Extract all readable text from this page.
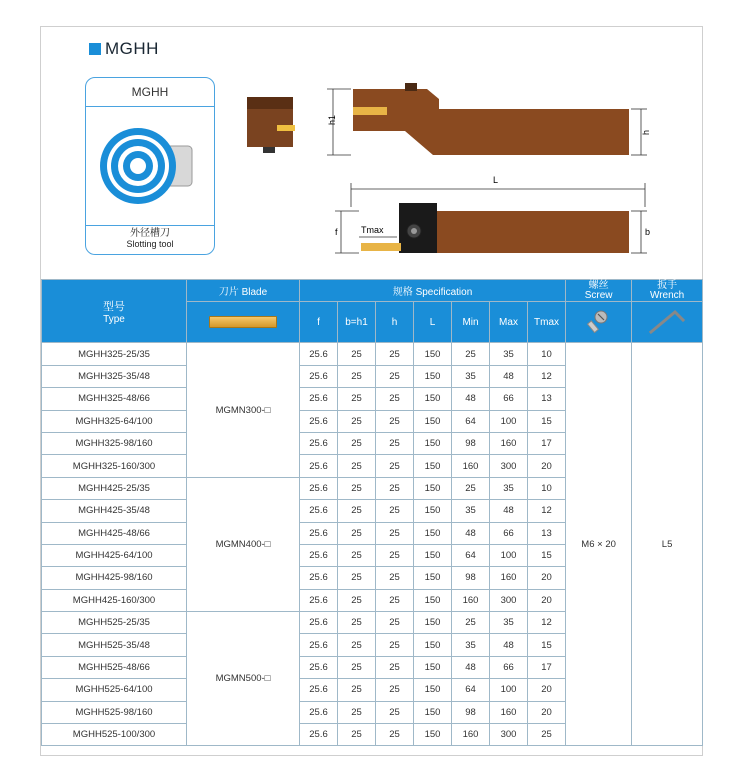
MGHH
MGHH
外径槽刀
Slotting tool
h1
h
L
f	Tmax	b
型号
Type	刀片 Blade	规格 Specification							螺丝
Screw	扳手
Wrench

		f	b=h1	h	L	Min	Max	Tmax		
MGHH325-25/35	MGMN300-□	25.6	25	25	150	25	35	10	M6 × 20	L5
MGHH325-35/48		25.6	25	25	150	35	48	12		
MGHH325-48/66		25.6	25	25	150	48	66	13		
MGHH325-64/100		25.6	25	25	150	64	100	15		
MGHH325-98/160		25.6	25	25	150	98	160	17		
MGHH325-160/300		25.6	25	25	150	160	300	20		
MGHH425-25/35	MGMN400-□	25.6	25	25	150	25	35	10		
MGHH425-35/48		25.6	25	25	150	35	48	12		
MGHH425-48/66		25.6	25	25	150	48	66	13		
MGHH425-64/100		25.6	25	25	150	64	100	15		
MGHH425-98/160		25.6	25	25	150	98	160	20		
MGHH425-160/300		25.6	25	25	150	160	300	20		
MGHH525-25/35	MGMN500-□	25.6	25	25	150	25	35	12		
MGHH525-35/48		25.6	25	25	150	35	48	15		
MGHH525-48/66		25.6	25	25	150	48	66	17		
MGHH525-64/100		25.6	25	25	150	64	100	20		
MGHH525-98/160		25.6	25	25	150	98	160	20		
MGHH525-100/300		25.6	25	25	150	160	300	25		
